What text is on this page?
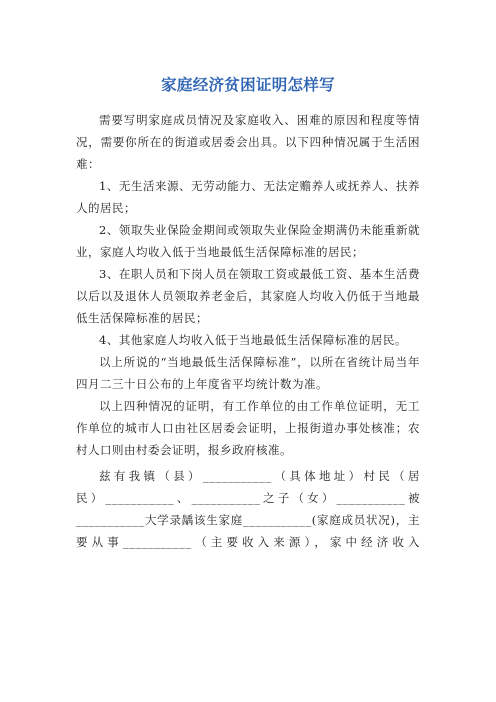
家庭经济贫困证明怎样写

需要写明家庭成员情况及家庭收入、困难的原因和程度等情况，需要你所在的街道或居委会出具。以下四种情况属于生活困难：

1、无生活来源、无劳动能力、无法定赡养人或抚养人、扶养人的居民；

2、领取失业保险金期间或领取失业保险金期满仍未能重新就业，家庭人均收入低于当地最低生活保障标准的居民；

3、在职人员和下岗人员在领取工资或最低工资、基本生活费以后以及退休人员领取养老金后，其家庭人均收入仍低于当地最低生活保障标准的居民；

4、其他家庭人均收入低于当地最低生活保障标准的居民。

以上所说的“当地最低生活保障标准”，以所在省统计局当年四月二三十日公布的上年度省平均统计数为准。

以上四种情况的证明，有工作单位的由工作单位证明，无工作单位的城市人口由社区居委会证明，上报街道办事处核准；农村人口则由村委会证明，报乡政府核准。

兹有我镇（县）___________（具体地址）村民（居
民）___________、___________之子（女）___________被
___________大学录龋该生家庭___________(家庭成员状况)，主
要从事___________（主要收入来源），家中经济收入
